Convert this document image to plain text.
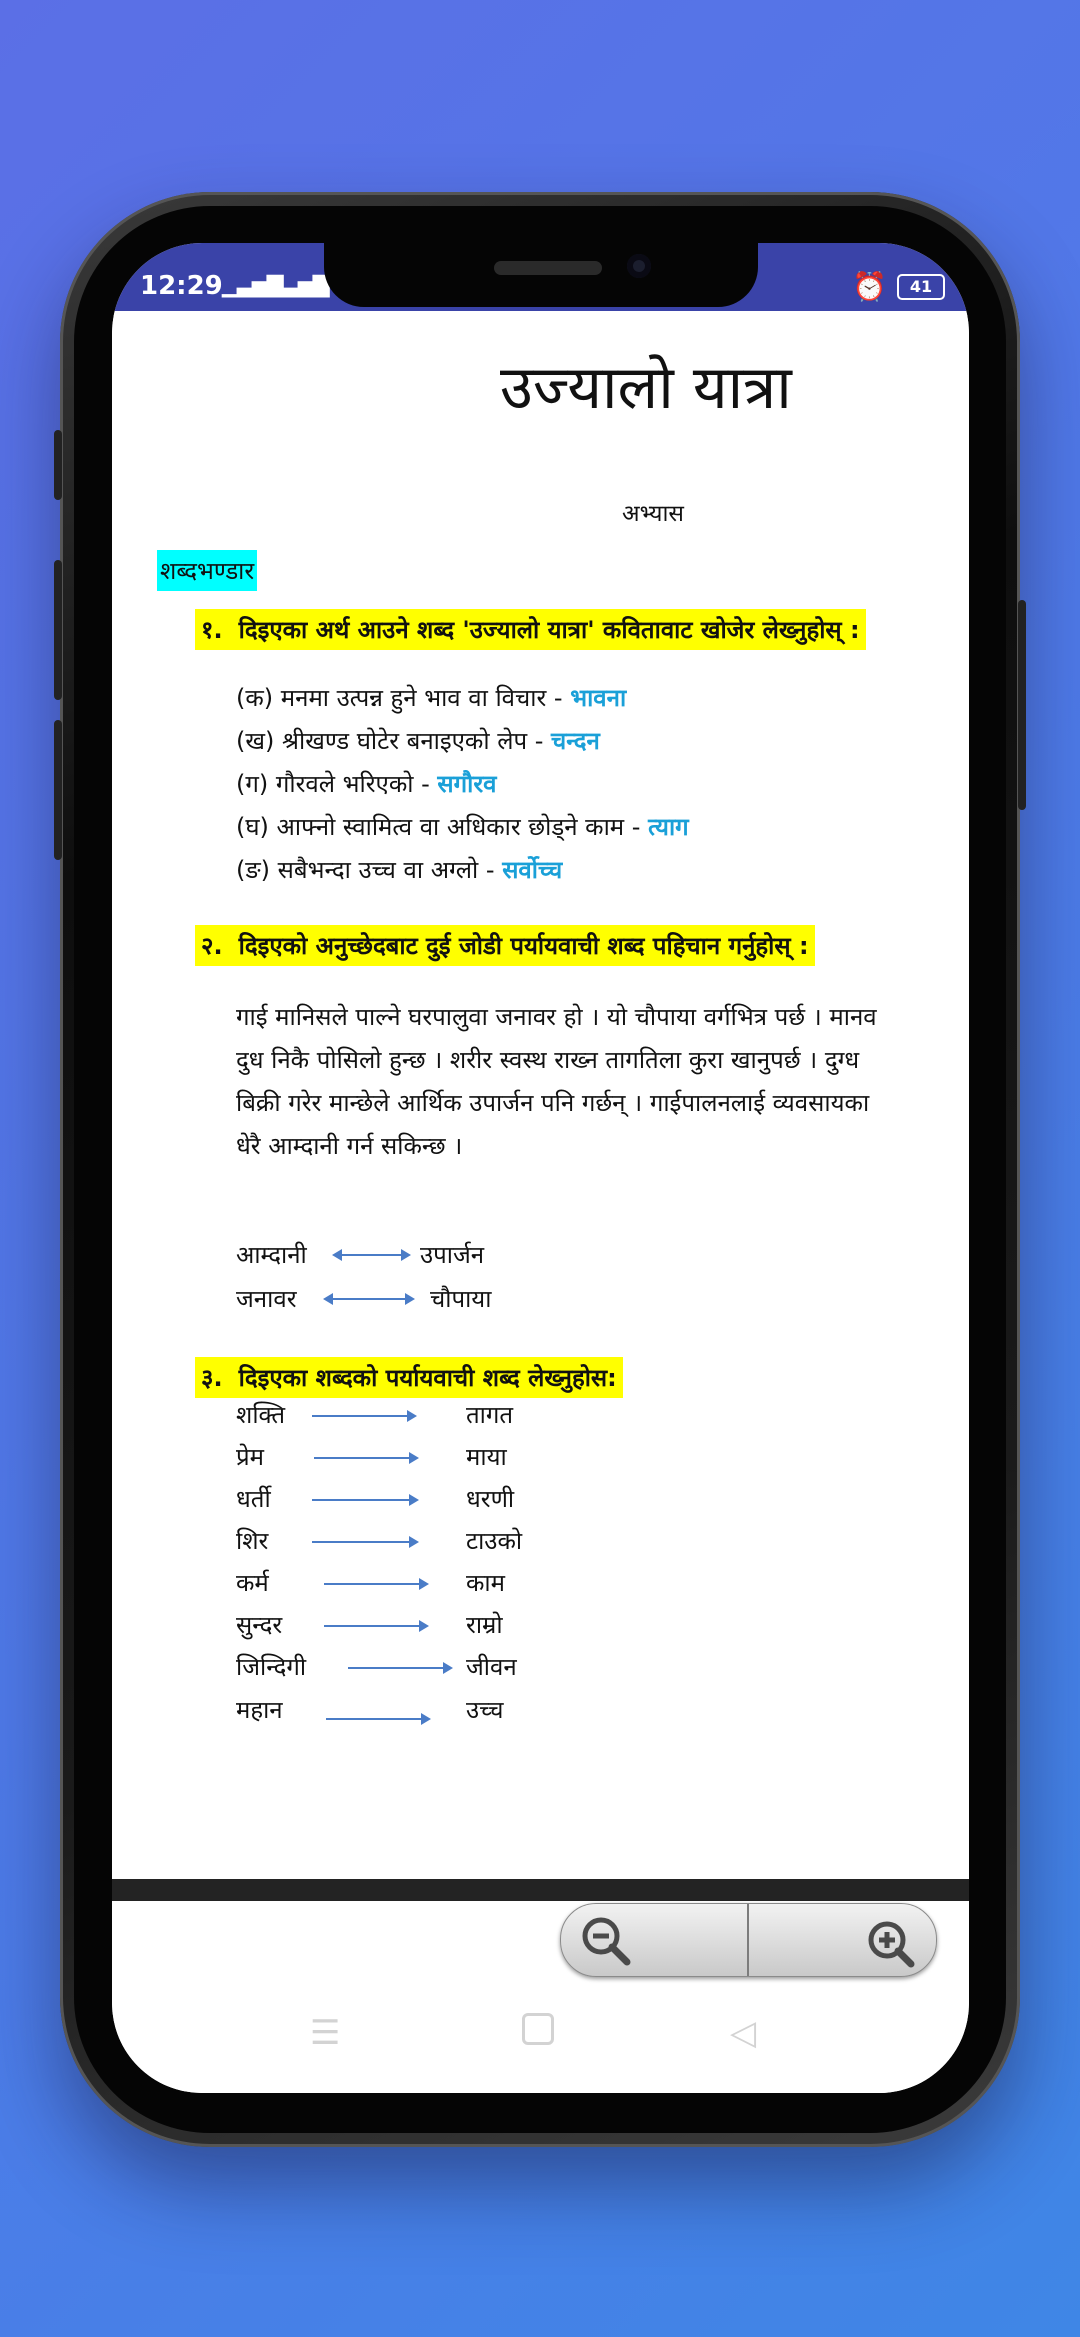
12:29 ▁▃▅▇
▁▃▅▇	⏰	41
उज्यालो यात्रा
अभ्यास
शब्दभण्डार
१. दिइएका अर्थ आउने शब्द 'उज्यालो यात्रा' कवितावाट खोजेर लेख्नुहोस् :
(क) मनमा उत्पन्न हुने भाव वा विचार - भावना
(ख) श्रीखण्ड घोटेर बनाइएको लेप - चन्दन
(ग) गौरवले भरिएको - सगौरव
(घ) आफ्नो स्वामित्व वा अधिकार छोड्ने काम - त्याग
(ङ) सबैभन्दा उच्च वा अग्लो - सर्वोच्च
२. दिइएको अनुच्छेदबाट दुई जोडी पर्यायवाची शब्द पहिचान गर्नुहोस् :
गाई मानिसले पाल्ने घरपालुवा जनावर हो । यो चौपाया वर्गभित्र पर्छ । मानव
दुध निकै पोसिलो हुन्छ । शरीर स्वस्थ राख्न तागतिला कुरा खानुपर्छ । दुग्ध
बिक्री गरेर मान्छेले आर्थिक उपार्जन पनि गर्छन् । गाईपालनलाई व्यवसायका
धेरै आम्दानी गर्न सकिन्छ ।
आम्दानी	उपार्जन
जनावर	चौपाया
३. दिइएका शब्दको पर्यायवाची शब्द लेख्नुहोस:
शक्ति	तागत
प्रेम	माया
धर्ती	धरणी
शिर	टाउको
कर्म	काम
सुन्दर	राम्रो
जिन्दिगी	जीवन
महान	उच्च
☰	◁
